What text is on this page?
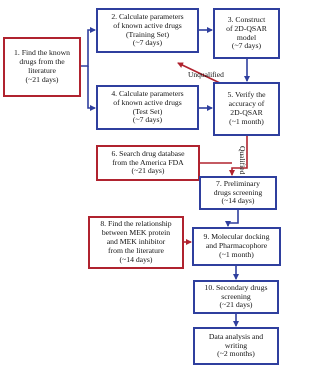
1. Find the known
drugs from the
literature
(~21 days)
2. Calculate parameters
of known active drugs
(Training Set)
(~7 days)
3. Construct
of 2D-QSAR
model
(~7 days)
4. Calculate parameters
of known active drugs
(Test Set)
(~7 days)
5. Verify the
accuracy of
2D-QSAR
(~1 month)
6. Search drug database
from the America FDA
(~21 days)
7. Preliminary
drugs screening
(~14 days)
8. Find the relationship
between MEK protein
and MEK inhibitor
from the literature
(~14 days)
9. Molecular docking
and Pharmacophore
(~1 month)
10. Secondary drugs
screening
(~21 days)
Data analysis and
writing
(~2 months)
Unqualified
Qualified
